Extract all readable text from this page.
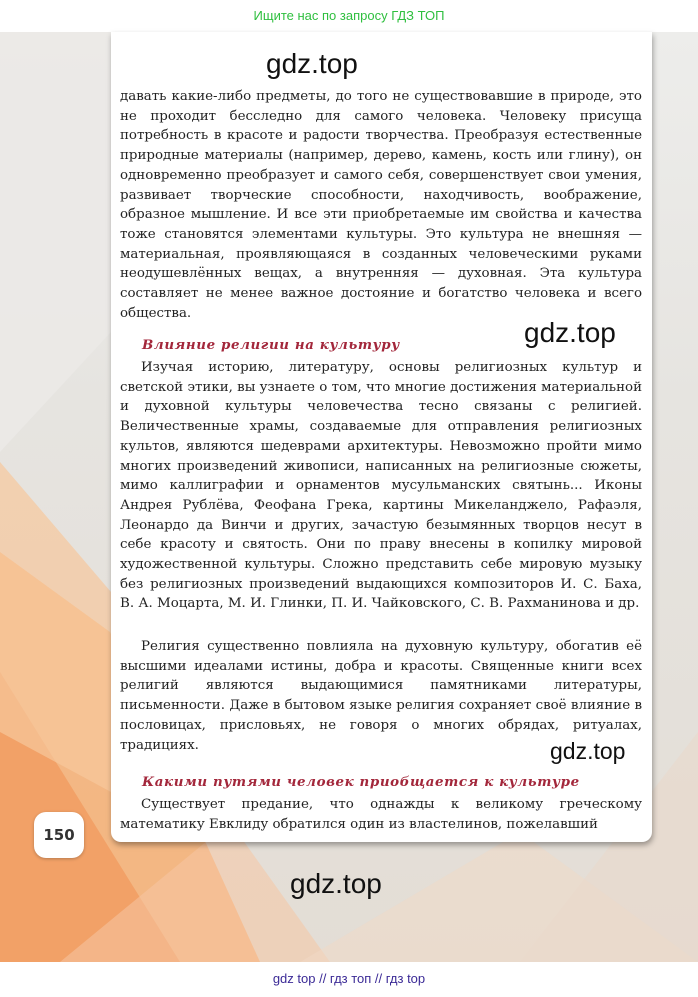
Ищите нас по запросу ГДЗ ТОП

давать какие-либо предметы, до того не существовавшие в природе, это не проходит бесследно для самого человека. Человеку присуща потребность в красоте и радости творчества. Преобразуя естественные природные материалы (например, дерево, камень, кость или глину), он одновременно преобразует и самого себя, совершенствует свои умения, развивает творческие способности, находчивость, воображение, образное мышление. И все эти приобретаемые им свойства и качества тоже становятся элементами культуры. Это культура не внешняя — материальная, проявляющаяся в созданных человеческими руками неодушевлённых вещах, а внутренняя — духовная. Эта культура составляет не менее важное достояние и богатство человека и всего общества.

Влияние религии на культуру

Изучая историю, литературу, основы религиозных культур и светской этики, вы узнаете о том, что многие достижения материальной и духовной культуры человечества тесно связаны с религией. Величественные храмы, создаваемые для отправления религиозных культов, являются шедеврами архитектуры. Невозможно пройти мимо многих произведений живописи, написанных на религиозные сюжеты, мимо каллиграфии и орнаментов мусульманских святынь... Иконы Андрея Рублёва, Феофана Грека, картины Микеланджело, Рафаэля, Леонардо да Винчи и других, зачастую безымянных творцов несут в себе красоту и святость. Они по праву внесены в копилку мировой художественной культуры. Сложно представить себе мировую музыку без религиозных произведений выдающихся композиторов И. С. Баха, В. А. Моцарта, М. И. Глинки, П. И. Чайковского, С. В. Рахманинова и др.

Религия существенно повлияла на духовную культуру, обогатив её высшими идеалами истины, добра и красоты. Священные книги всех религий являются выдающимися памятниками литературы, письменности. Даже в бытовом языке религия сохраняет своё влияние в пословицах, присловьях, не говоря о многих обрядах, ритуалах, традициях.

Какими путями человек приобщается к культуре

Существует предание, что однажды к великому греческому математику Евклиду обратился один из властелинов, пожелавший

gdz.top
gdz.top
gdz.top
gdz.top
150
gdz top // гдз топ // гдз top
